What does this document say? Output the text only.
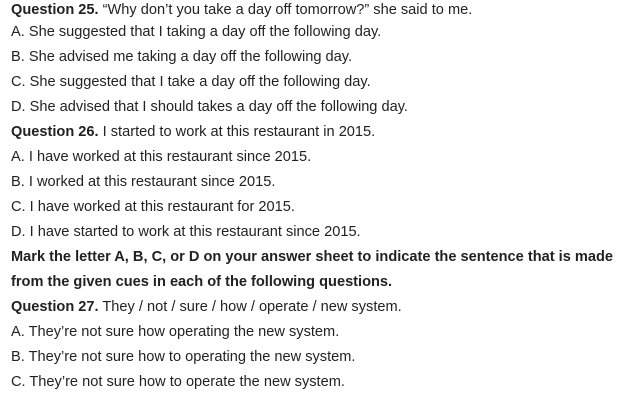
Question 25. “Why don’t you take a day off tomorrow?” she said to me.
A. She suggested that I taking a day off the following day.
B. She advised me taking a day off the following day.
C. She suggested that I take a day off the following day.
D. She advised that I should takes a day off the following day.
Question 26. I started to work at this restaurant in 2015.
A. I have worked at this restaurant since 2015.
B. I worked at this restaurant since 2015.
C. I have worked at this restaurant for 2015.
D. I have started to work at this restaurant since 2015.
Mark the letter A, B, C, or D on your answer sheet to indicate the sentence that is made
from the given cues in each of the following questions.
Question 27. They / not / sure / how / operate / new system.
A. They’re not sure how operating the new system.
B. They’re not sure how to operating the new system.
C. They’re not sure how to operate the new system.
